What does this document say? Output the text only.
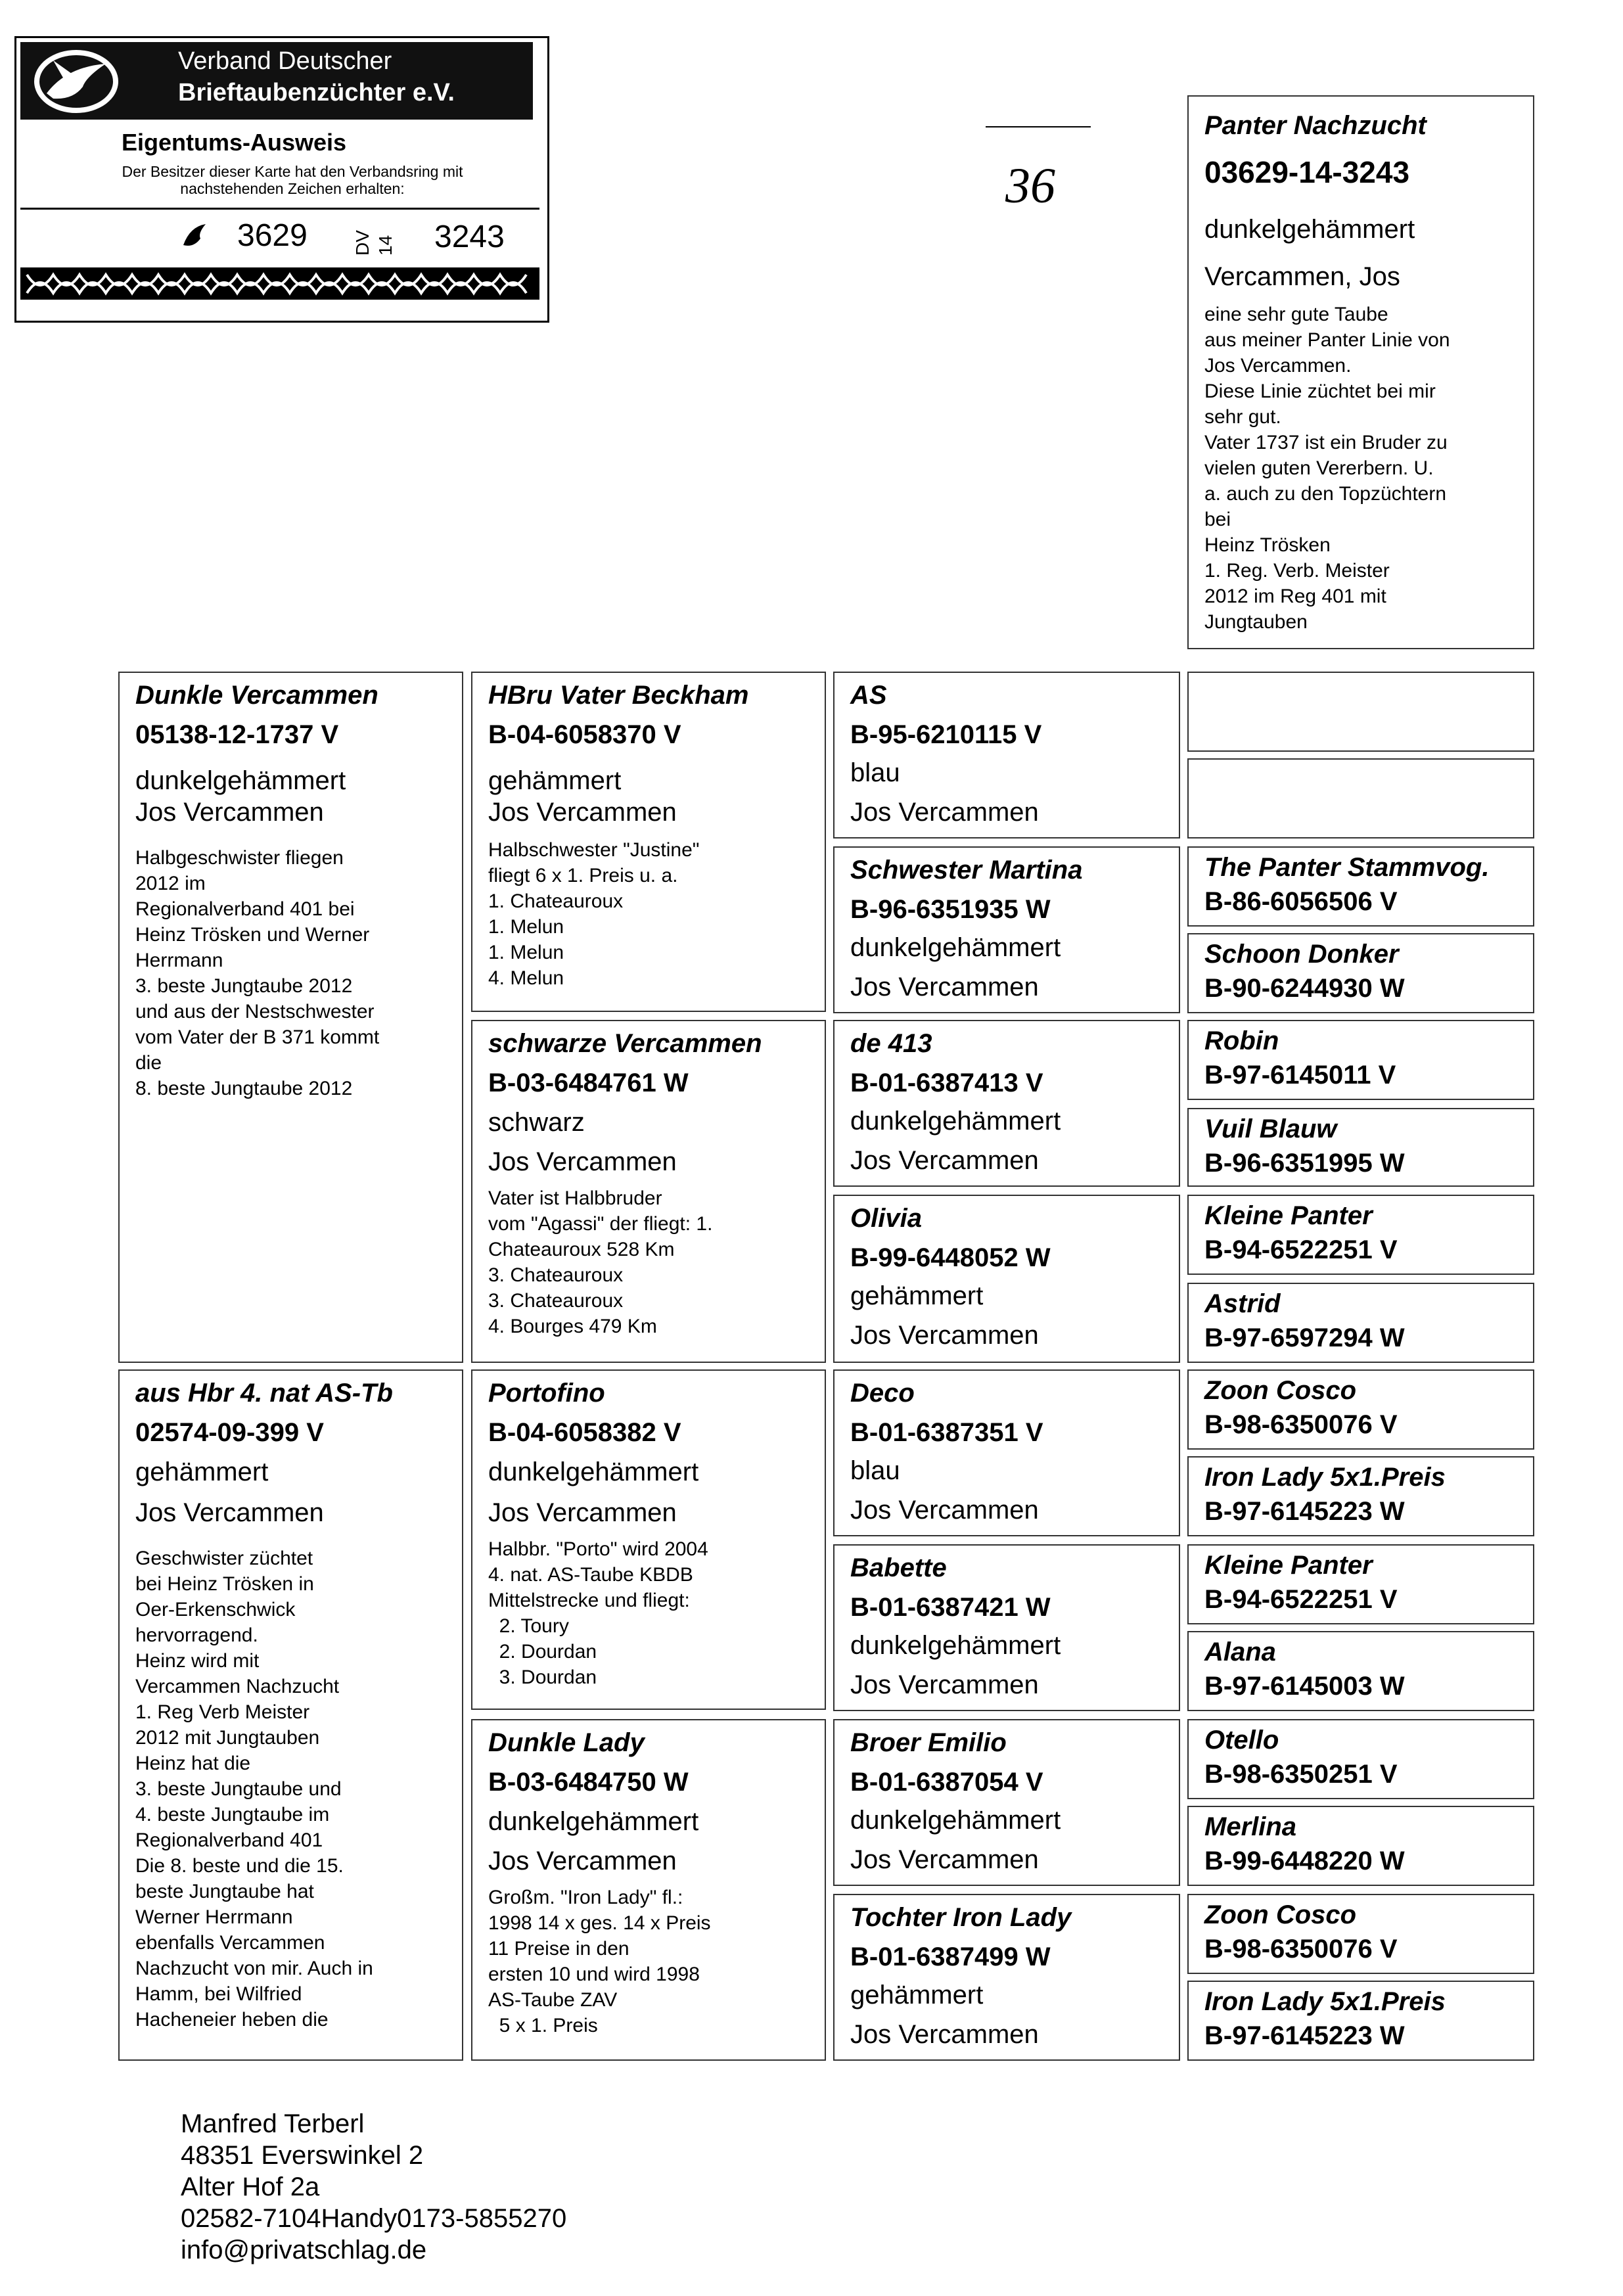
Verband Deutscher
Brieftaubenzüchter e.V.
Eigentums-Ausweis
Der Besitzer dieser Karte hat den Verbandsring mit nachstehenden Zeichen erhalten:
3629 DV 14 3243
36
Panter Nachzucht
03629-14-3243
dunkelgehämmert
Vercammen, Jos
eine sehr gute Taube
aus meiner Panter Linie von
Jos Vercammen.
Diese Linie züchtet bei mir
sehr gut.
Vater 1737 ist ein Bruder zu
vielen guten Vererbern. U.
a. auch zu den Topzüchtern
bei
Heinz Trösken
1. Reg. Verb. Meister
2012 im Reg 401 mit
Jungtauben
Dunkle Vercammen
05138-12-1737 V
dunkelgehämmert
Jos Vercammen
Halbgeschwister fliegen
2012 im
Regionalverband 401 bei
Heinz Trösken und Werner
Herrmann
3. beste Jungtaube 2012
und aus der Nestschwester
vom Vater der B 371 kommt
die
8. beste Jungtaube 2012
aus Hbr 4. nat AS-Tb
02574-09-399 V
gehämmert
Jos Vercammen
Geschwister züchtet
bei Heinz Trösken in
Oer-Erkenschwick
hervorragend.
Heinz wird mit
Vercammen Nachzucht
1. Reg Verb Meister
2012 mit Jungtauben
Heinz hat die
3. beste Jungtaube und
4. beste Jungtaube im
Regionalverband 401
Die 8. beste und die 15.
beste Jungtaube hat
Werner Herrmann
ebenfalls Vercammen
Nachzucht von mir. Auch in
Hamm, bei Wilfried
Hacheneier heben die
HBru Vater Beckham
B-04-6058370 V
gehämmert
Jos Vercammen
Halbschwester "Justine"
fliegt 6 x 1. Preis u. a.
1. Chateauroux
1. Melun
1. Melun
4. Melun
schwarze Vercammen
B-03-6484761 W
schwarz
Jos Vercammen
Vater ist Halbbruder
vom "Agassi" der fliegt: 1.
Chateauroux 528 Km
3. Chateauroux
3. Chateauroux
4. Bourges 479 Km
Portofino
B-04-6058382 V
dunkelgehämmert
Jos Vercammen
Halbbr. "Porto" wird 2004
4. nat. AS-Taube KBDB
Mittelstrecke und fliegt:
2. Toury
2. Dourdan
3. Dourdan
Dunkle Lady
B-03-6484750 W
dunkelgehämmert
Jos Vercammen
Großm. "Iron Lady" fl.:
1998 14 x ges. 14 x Preis
11 Preise in den
ersten 10 und wird 1998
AS-Taube ZAV
5 x 1. Preis
AS
B-95-6210115 V
blau
Jos Vercammen
Schwester Martina
B-96-6351935 W
dunkelgehämmert
Jos Vercammen
de 413
B-01-6387413 V
dunkelgehämmert
Jos Vercammen
Olivia
B-99-6448052 W
gehämmert
Jos Vercammen
Deco
B-01-6387351 V
blau
Jos Vercammen
Babette
B-01-6387421 W
dunkelgehämmert
Jos Vercammen
Broer Emilio
B-01-6387054 V
dunkelgehämmert
Jos Vercammen
Tochter Iron Lady
B-01-6387499 W
gehämmert
Jos Vercammen
The Panter Stammvog.
B-86-6056506 V
Schoon Donker
B-90-6244930 W
Robin
B-97-6145011 V
Vuil Blauw
B-96-6351995 W
Kleine Panter
B-94-6522251 V
Astrid
B-97-6597294 W
Zoon Cosco
B-98-6350076 V
Iron Lady 5x1.Preis
B-97-6145223 W
Kleine Panter
B-94-6522251 V
Alana
B-97-6145003 W
Otello
B-98-6350251 V
Merlina
B-99-6448220 W
Zoon Cosco
B-98-6350076 V
Iron Lady 5x1.Preis
B-97-6145223 W
Manfred Terberl
48351 Everswinkel 2
Alter Hof 2a
02582-7104Handy0173-5855270
info@privatschlag.de
